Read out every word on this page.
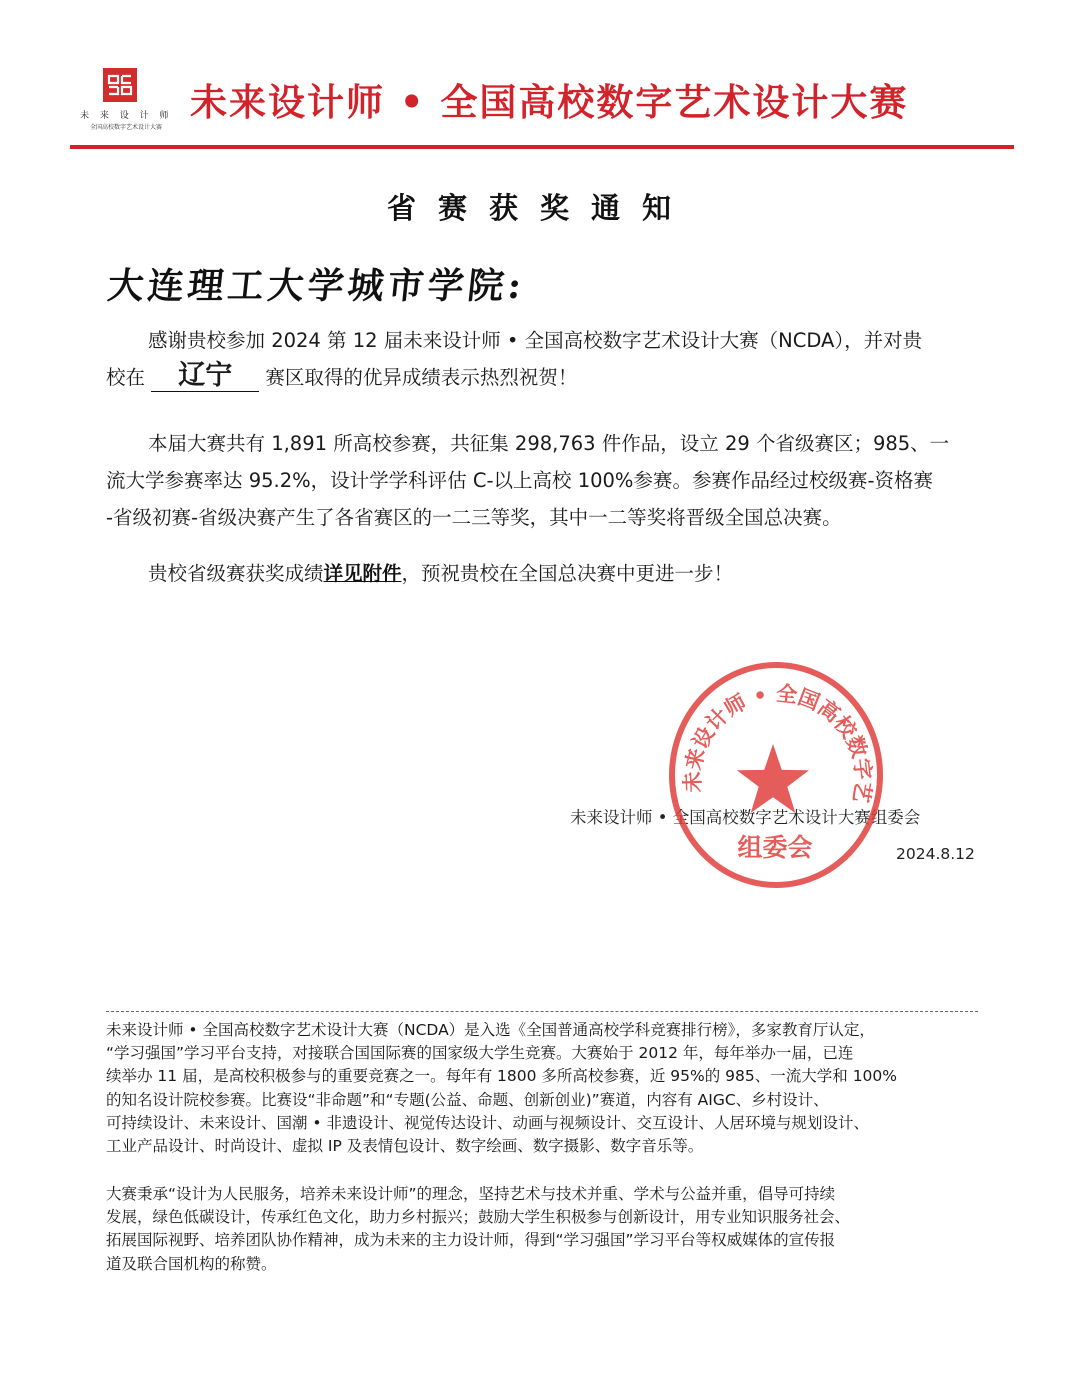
未 来 设 计 师
全国高校数字艺术设计大赛
未来设计师 • 全国高校数字艺术设计大赛
省赛获奖通知
大连理工大学城市学院:
感谢贵校参加 2024 第 12 届未来设计师 • 全国高校数字艺术设计大赛（NCDA），并对贵
校在 辽宁 赛区取得的优异成绩表示热烈祝贺！
本届大赛共有 1,891 所高校参赛，共征集 298,763 件作品，设立 29 个省级赛区；985、一
流大学参赛率达 95.2%，设计学学科评估 C-以上高校 100%参赛。参赛作品经过校级赛-资格赛
-省级初赛-省级决赛产生了各省赛区的一二三等奖，其中一二等奖将晋级全国总决赛。
贵校省级赛获奖成绩详见附件，预祝贵校在全国总决赛中更进一步！
未来设计师 • 全国高校数字艺术设计大赛组委会
2024.8.12
未来设计师 • 全国高校数字艺
组委会
未来设计师 • 全国高校数字艺术设计大赛（NCDA）是入选《全国普通高校学科竞赛排行榜》，多家教育厅认定，
“学习强国”学习平台支持，对接联合国国际赛的国家级大学生竞赛。大赛始于 2012 年，每年举办一届，已连
续举办 11 届，是高校积极参与的重要竞赛之一。每年有 1800 多所高校参赛，近 95%的 985、一流大学和 100%
的知名设计院校参赛。比赛设“非命题”和“专题(公益、命题、创新创业)”赛道，内容有 AIGC、乡村设计、
可持续设计、未来设计、国潮 • 非遗设计、视觉传达设计、动画与视频设计、交互设计、人居环境与规划设计、
工业产品设计、时尚设计、虚拟 IP 及表情包设计、数字绘画、数字摄影、数字音乐等。
大赛秉承“设计为人民服务，培养未来设计师”的理念，坚持艺术与技术并重、学术与公益并重，倡导可持续
发展，绿色低碳设计，传承红色文化，助力乡村振兴；鼓励大学生积极参与创新设计，用专业知识服务社会、
拓展国际视野、培养团队协作精神，成为未来的主力设计师，得到“学习强国”学习平台等权威媒体的宣传报
道及联合国机构的称赞。
